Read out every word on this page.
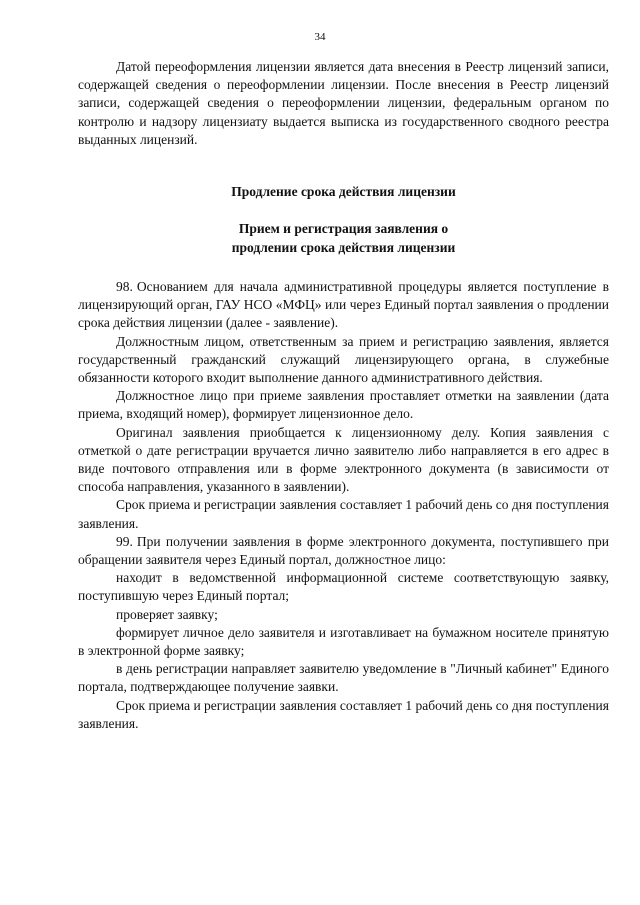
34

Датой переоформления лицензии является дата внесения в Реестр лицензий записи, содержащей сведения о переоформлении лицензии. После внесения в Реестр лицензий записи, содержащей сведения о переоформлении лицензии, федеральным органом по контролю и надзору лицензиату выдается выписка из государственного сводного реестра выданных лицензий.

Продление срока действия лицензии

Прием и регистрация заявления о
продлении срока действия лицензии

98. Основанием для начала административной процедуры является поступление в лицензирующий орган, ГАУ НСО «МФЦ» или через Единый портал заявления о продлении срока действия лицензии (далее - заявление).

Должностным лицом, ответственным за прием и регистрацию заявления, является государственный гражданский служащий лицензирующего органа, в служебные обязанности которого входит выполнение данного административного действия.

Должностное лицо при приеме заявления проставляет отметки на заявлении (дата приема, входящий номер), формирует лицензионное дело.

Оригинал заявления приобщается к лицензионному делу. Копия заявления с отметкой о дате регистрации вручается лично заявителю либо направляется в его адрес в виде почтового отправления или в форме электронного документа (в зависимости от способа направления, указанного в заявлении).

Срок приема и регистрации заявления составляет 1 рабочий день со дня поступления заявления.

99. При получении заявления в форме электронного документа, поступившего при обращении заявителя через Единый портал, должностное лицо:

находит в ведомственной информационной системе соответствующую заявку, поступившую через Единый портал;

проверяет заявку;

формирует личное дело заявителя и изготавливает на бумажном носителе принятую в электронной форме заявку;

в день регистрации направляет заявителю уведомление в "Личный кабинет" Единого портала, подтверждающее получение заявки.

Срок приема и регистрации заявления составляет 1 рабочий день со дня поступления заявления.
